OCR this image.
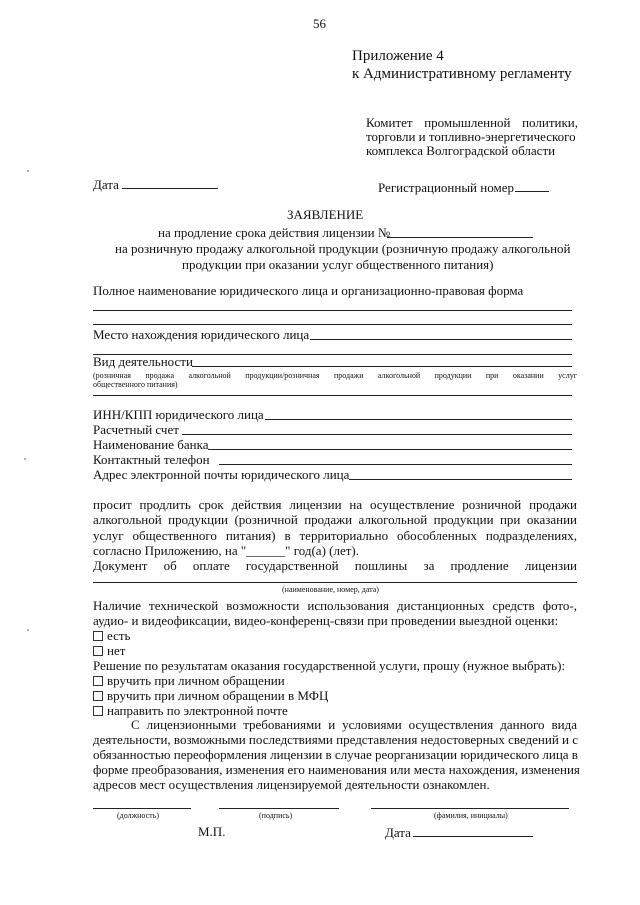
56
Приложение 4
к Административному регламенту
Комитет промышленной политики,
торговли и топливно-энергетического
комплекса Волгоградской области
Дата	Регистрационный номер
ЗАЯВЛЕНИЕ
на продление срока действия лицензии №
на розничную продажу алкогольной продукции (розничную продажу алкогольной
продукции при оказании услуг общественного питания)
Полное наименование юридического лица и организационно-правовая форма
Место нахождения юридического лица
Вид деятельности
(розничная продажа алкогольной продукции/розничная продажи алкогольной продукции при оказании услуг
общественного питания)
ИНН/КПП юридического лица
Расчетный счет
Наименование банка
Контактный телефон
Адрес электронной почты юридического лица
просит продлить срок действия лицензии на осуществление розничной продажи
алкогольной продукции (розничной продажи алкогольной продукции при оказании
услуг общественного питания) в территориально обособленных подразделениях,
согласно Приложению, на "______" год(а) (лет).
Документ об оплате государственной пошлины за продление лицензии
(наименование, номер, дата)
Наличие технической возможности использования дистанционных средств фото-,
аудио- и видеофиксации, видео-конференц-связи при проведении выездной оценки:
есть
нет
Решение по результатам оказания государственной услуги, прошу (нужное выбрать):
вручить при личном обращении
вручить при личном обращении в МФЦ
направить по электронной почте
С лицензионными требованиями и условиями осуществления данного вида
деятельности, возможными последствиями представления недостоверных сведений и с
обязанностью переоформления лицензии в случае реорганизации юридического лица в
форме преобразования, изменения его наименования или места нахождения, изменения
адресов мест осуществления лицензируемой деятельности ознакомлен.
(должность)	(подпись)	(фамилия, инициалы)
М.П.	Дата
